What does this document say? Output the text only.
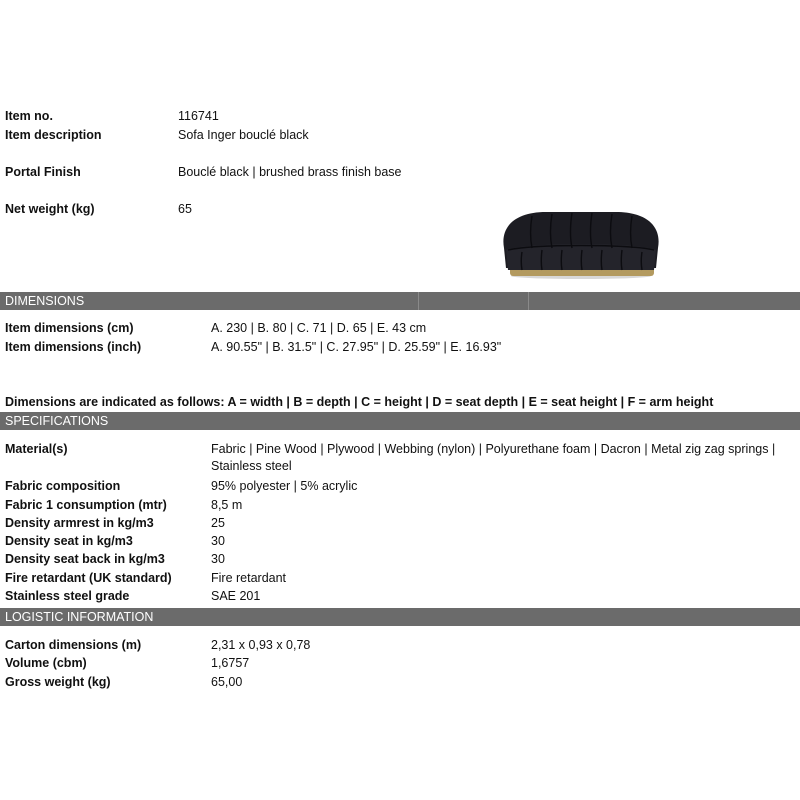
Item no.	116741
Item description	Sofa Inger bouclé black
Portal Finish	Bouclé black | brushed brass finish base
Net weight (kg)	65
DIMENSIONS
Item dimensions (cm)	A. 230 | B. 80 | C. 71 | D. 65 | E. 43 cm
Item dimensions (inch)	A. 90.55" | B. 31.5" | C. 27.95" | D. 25.59" | E. 16.93"
Dimensions are indicated as follows: A = width | B = depth | C = height | D = seat depth | E = seat height | F = arm height
SPECIFICATIONS
Material(s)	Fabric | Pine Wood | Plywood | Webbing (nylon) | Polyurethane foam | Dacron | Metal zig zag springs |
Stainless steel
Fabric composition	95% polyester | 5% acrylic
Fabric 1 consumption (mtr)	8,5 m
Density armrest in kg/m3	25
Density seat in kg/m3	30
Density seat back in kg/m3	30
Fire retardant (UK standard)	Fire retardant
Stainless steel grade	SAE 201
LOGISTIC INFORMATION
Carton dimensions (m)	2,31 x 0,93 x 0,78
Volume (cbm)	1,6757
Gross weight (kg)	65,00
